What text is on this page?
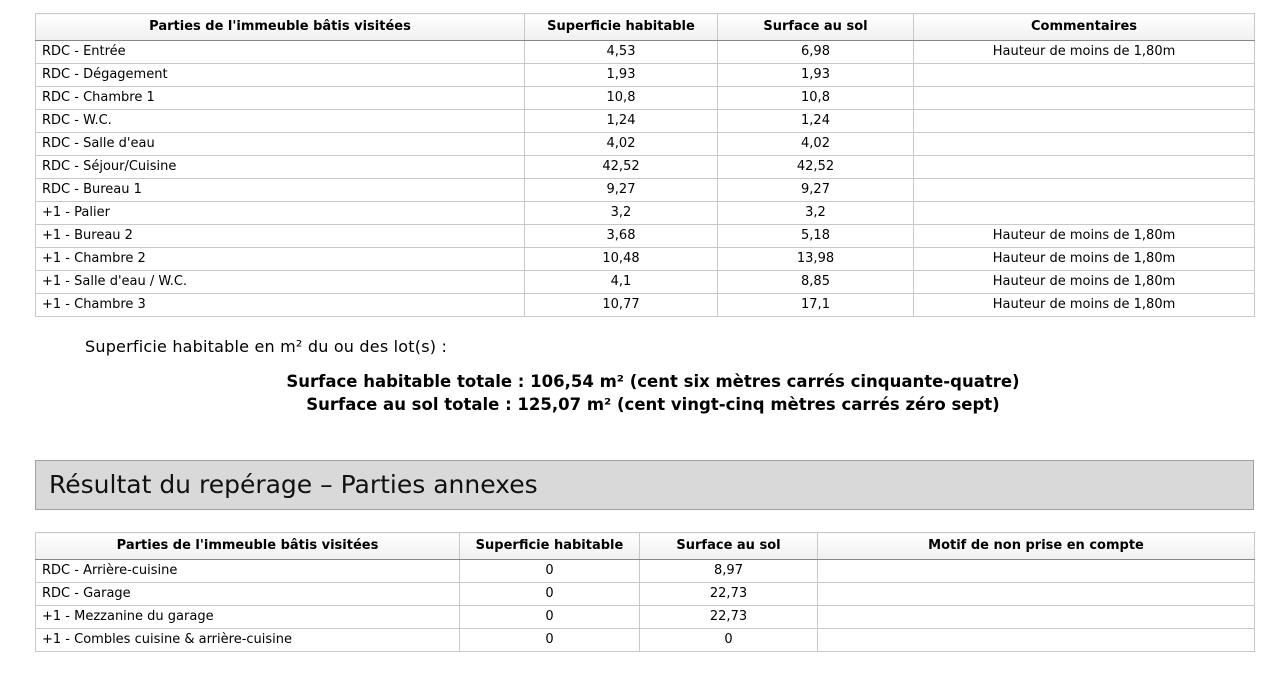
Parties de l'immeuble bâtis visitées	Superficie habitable	Surface au sol	Commentaires
RDC - Entrée	4,53	6,98	Hauteur de moins de 1,80m
RDC - Dégagement	1,93	1,93	
RDC - Chambre 1	10,8	10,8	
RDC - W.C.	1,24	1,24	
RDC - Salle d'eau	4,02	4,02	
RDC - Séjour/Cuisine	42,52	42,52	
RDC - Bureau 1	9,27	9,27	
+1 - Palier	3,2	3,2	
+1 - Bureau 2	3,68	5,18	Hauteur de moins de 1,80m
+1 - Chambre 2	10,48	13,98	Hauteur de moins de 1,80m
+1 - Salle d'eau / W.C.	4,1	8,85	Hauteur de moins de 1,80m
+1 - Chambre 3	10,77	17,1	Hauteur de moins de 1,80m
Superficie habitable en m² du ou des lot(s) :
Surface habitable totale : 106,54 m² (cent six mètres carrés cinquante-quatre)
Surface au sol totale : 125,07 m² (cent vingt-cinq mètres carrés zéro sept)
Résultat du repérage – Parties annexes
Parties de l'immeuble bâtis visitées	Superficie habitable	Surface au sol	Motif de non prise en compte
RDC - Arrière-cuisine	0	8,97	
RDC - Garage	0	22,73	
+1 - Mezzanine du garage	0	22,73	
+1 - Combles cuisine & arrière-cuisine	0	0	
